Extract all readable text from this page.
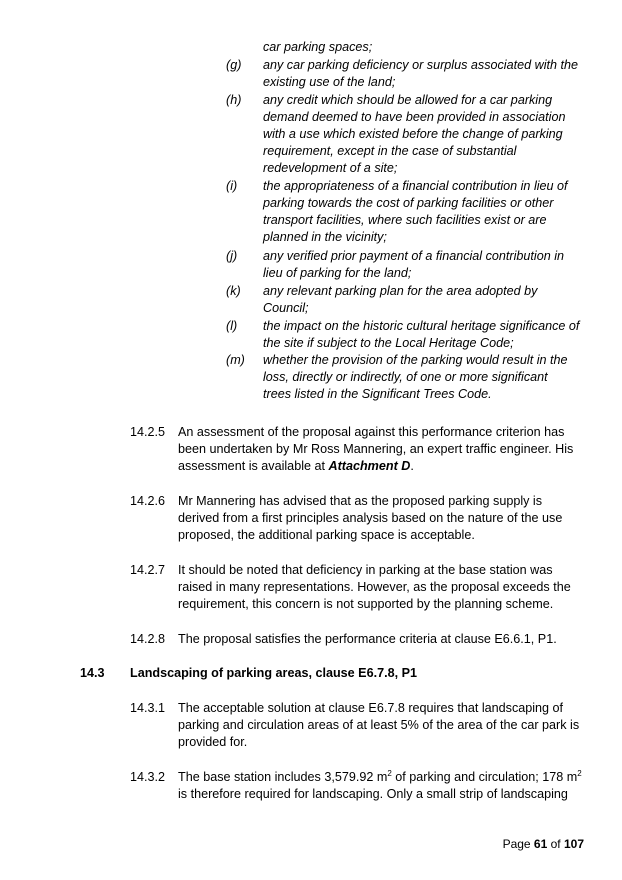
car parking spaces;
(g) any car parking deficiency or surplus associated with the
existing use of the land;
(h) any credit which should be allowed for a car parking
demand deemed to have been provided in association
with a use which existed before the change of parking
requirement, except in the case of substantial
redevelopment of a site;
(i) the appropriateness of a financial contribution in lieu of
parking towards the cost of parking facilities or other
transport facilities, where such facilities exist or are
planned in the vicinity;
(j) any verified prior payment of a financial contribution in
lieu of parking for the land;
(k) any relevant parking plan for the area adopted by
Council;
(l) the impact on the historic cultural heritage significance of
the site if subject to the Local Heritage Code;
(m) whether the provision of the parking would result in the
loss, directly or indirectly, of one or more significant
trees listed in the Significant Trees Code.
14.2.5 An assessment of the proposal against this performance criterion has
been undertaken by Mr Ross Mannering, an expert traffic engineer. His
assessment is available at Attachment D.
14.2.6 Mr Mannering has advised that as the proposed parking supply is
derived from a first principles analysis based on the nature of the use
proposed, the additional parking space is acceptable.
14.2.7 It should be noted that deficiency in parking at the base station was
raised in many representations. However, as the proposal exceeds the
requirement, this concern is not supported by the planning scheme.
14.2.8 The proposal satisfies the performance criteria at clause E6.6.1, P1.
14.3 Landscaping of parking areas, clause E6.7.8, P1
14.3.1 The acceptable solution at clause E6.7.8 requires that landscaping of
parking and circulation areas of at least 5% of the area of the car park is
provided for.
14.3.2 The base station includes 3,579.92 $m^2$ of parking and circulation; 178 $m^2$
is therefore required for landscaping. Only a small strip of landscaping
Page 61 of 107
